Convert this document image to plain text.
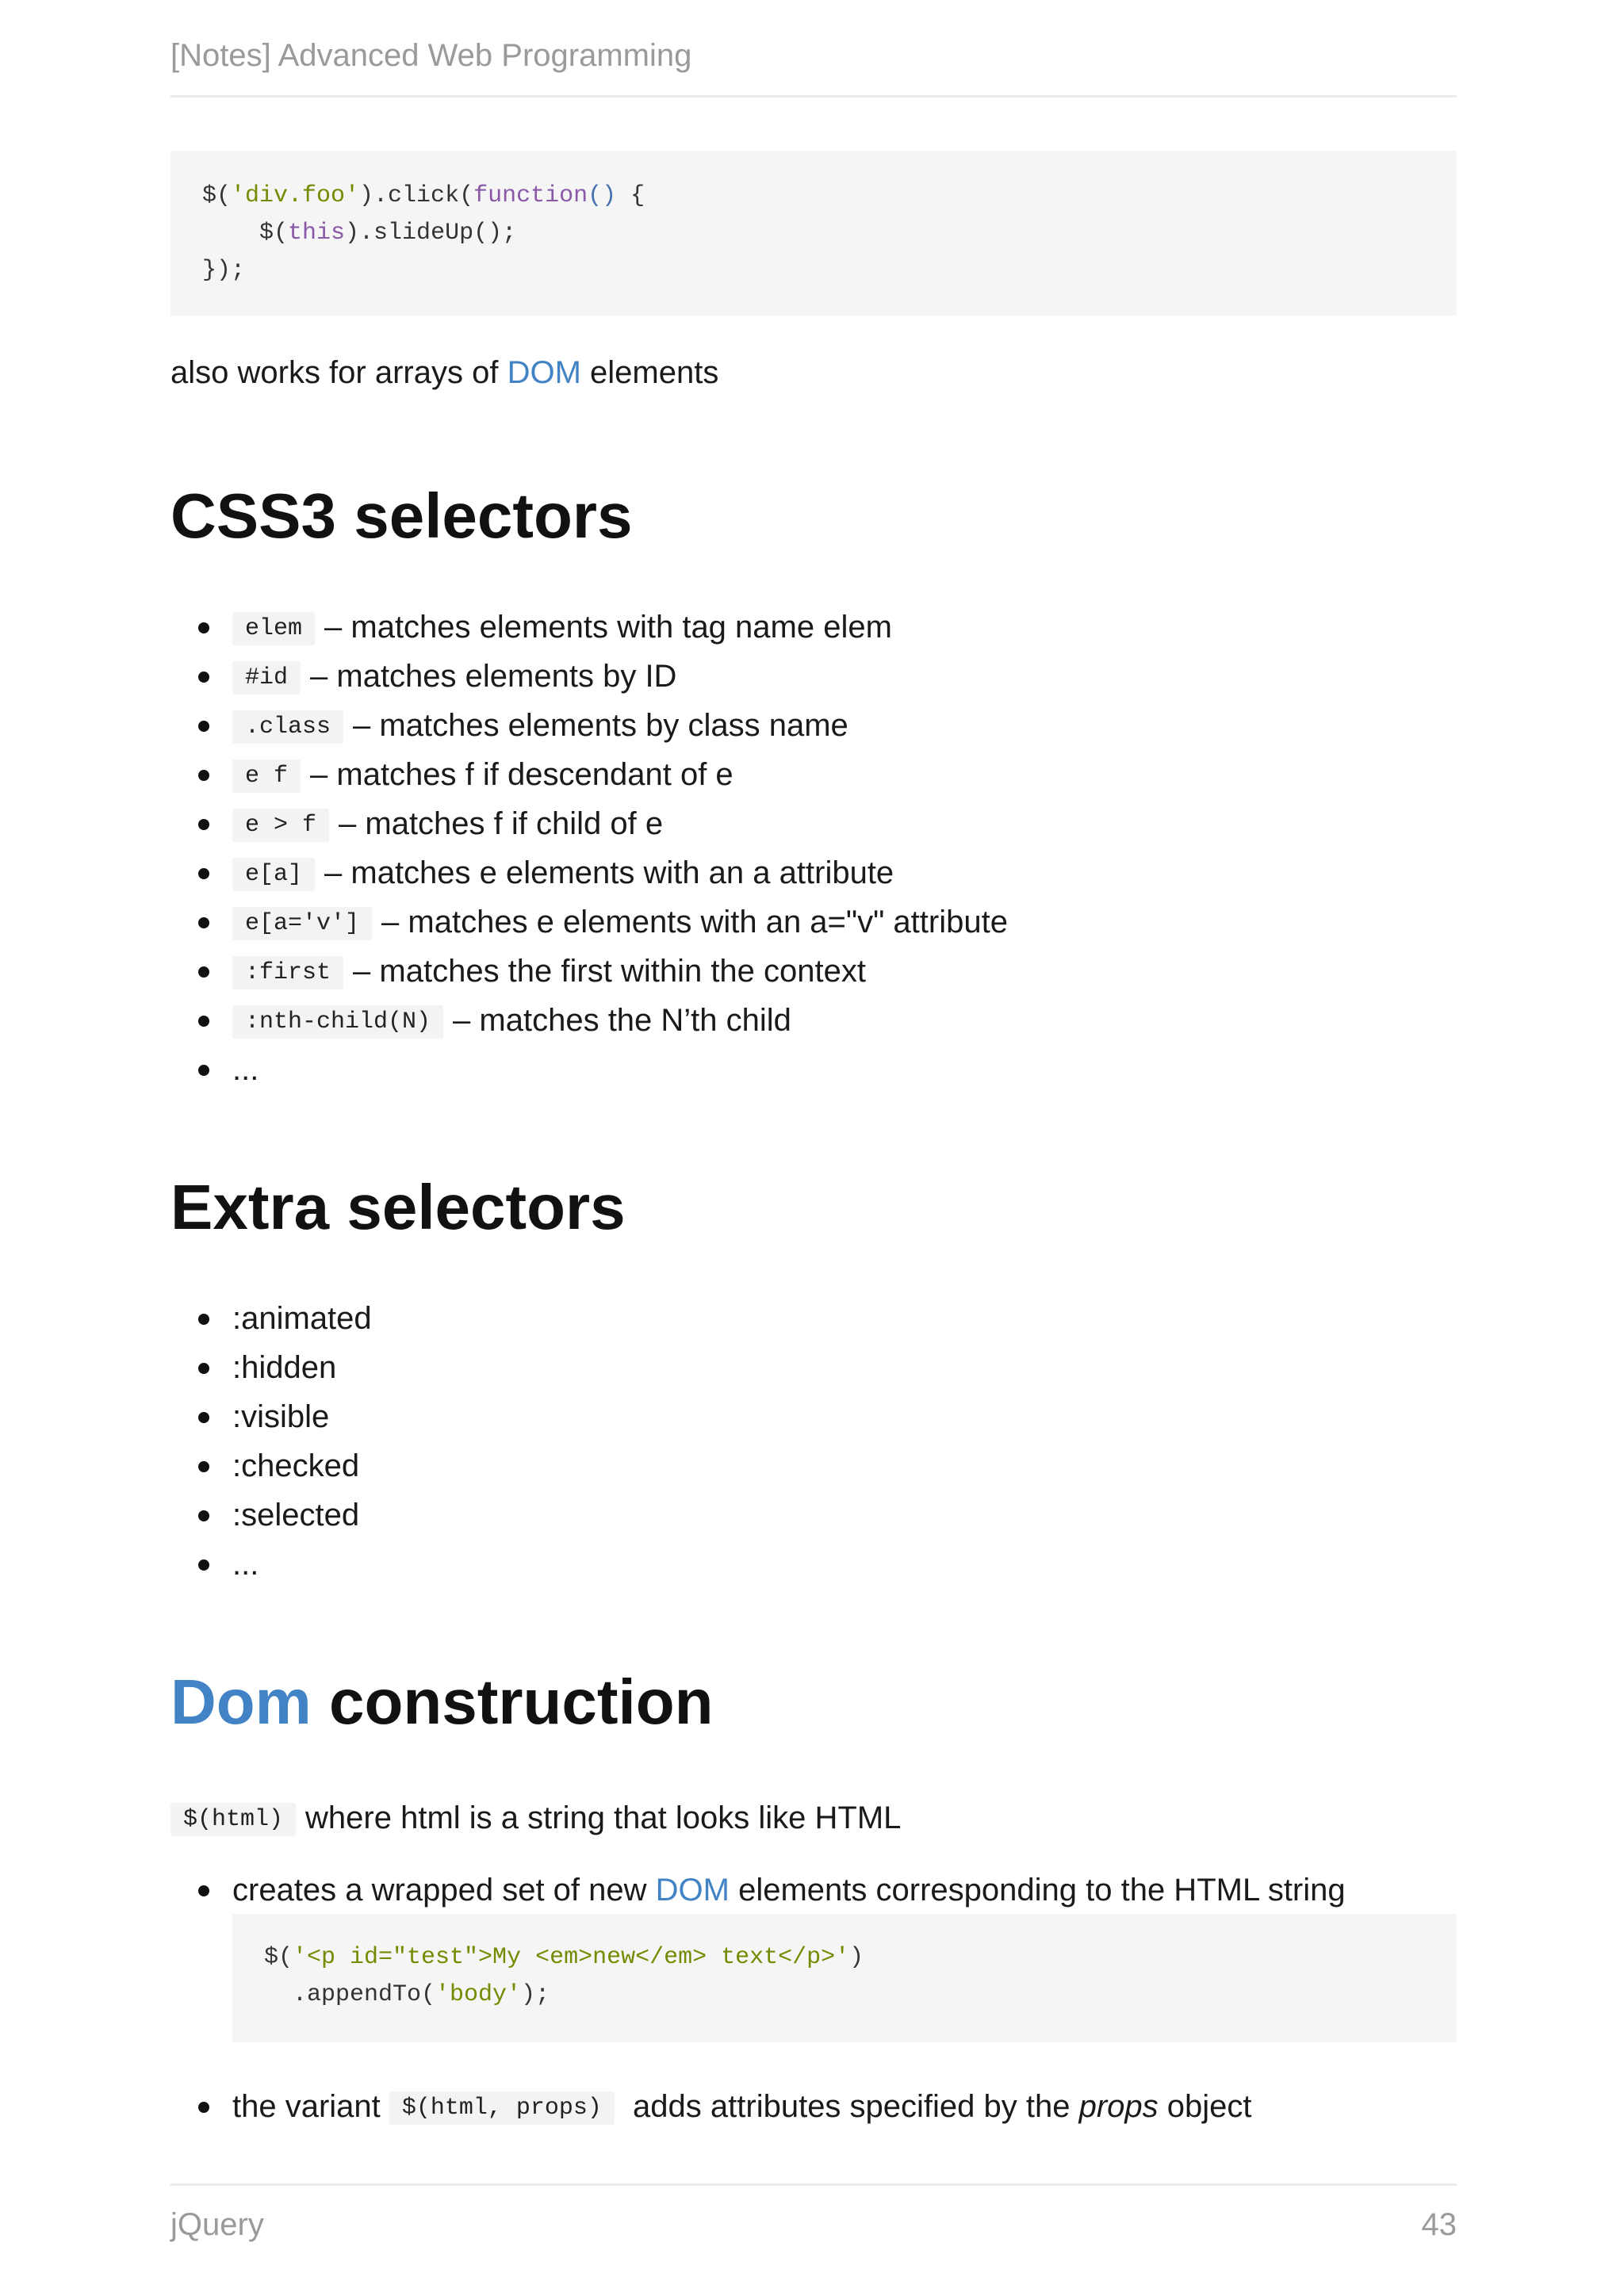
[Notes] Advanced Web Programming
$('div.foo').click(function() {
$(this).slideUp();
});
also works for arrays of DOM elements
CSS3 selectors
elem – matches elements with tag name elem
#id – matches elements by ID
.class – matches elements by class name
e f – matches f if descendant of e
e > f – matches f if child of e
e[a] – matches e elements with an a attribute
e[a='v'] – matches e elements with an a="v" attribute
:first – matches the first within the context
:nth-child(N) – matches the N’th child
...
Extra selectors
:animated
:hidden
:visible
:checked
:selected
...
Dom construction
$(html) where html is a string that looks like HTML
creates a wrapped set of new DOM elements corresponding to the HTML string
$('<p id="test">My <em>new</em> text</p>')
.appendTo('body');
the variant $(html, props) adds attributes specified by the props object
jQuery	43
